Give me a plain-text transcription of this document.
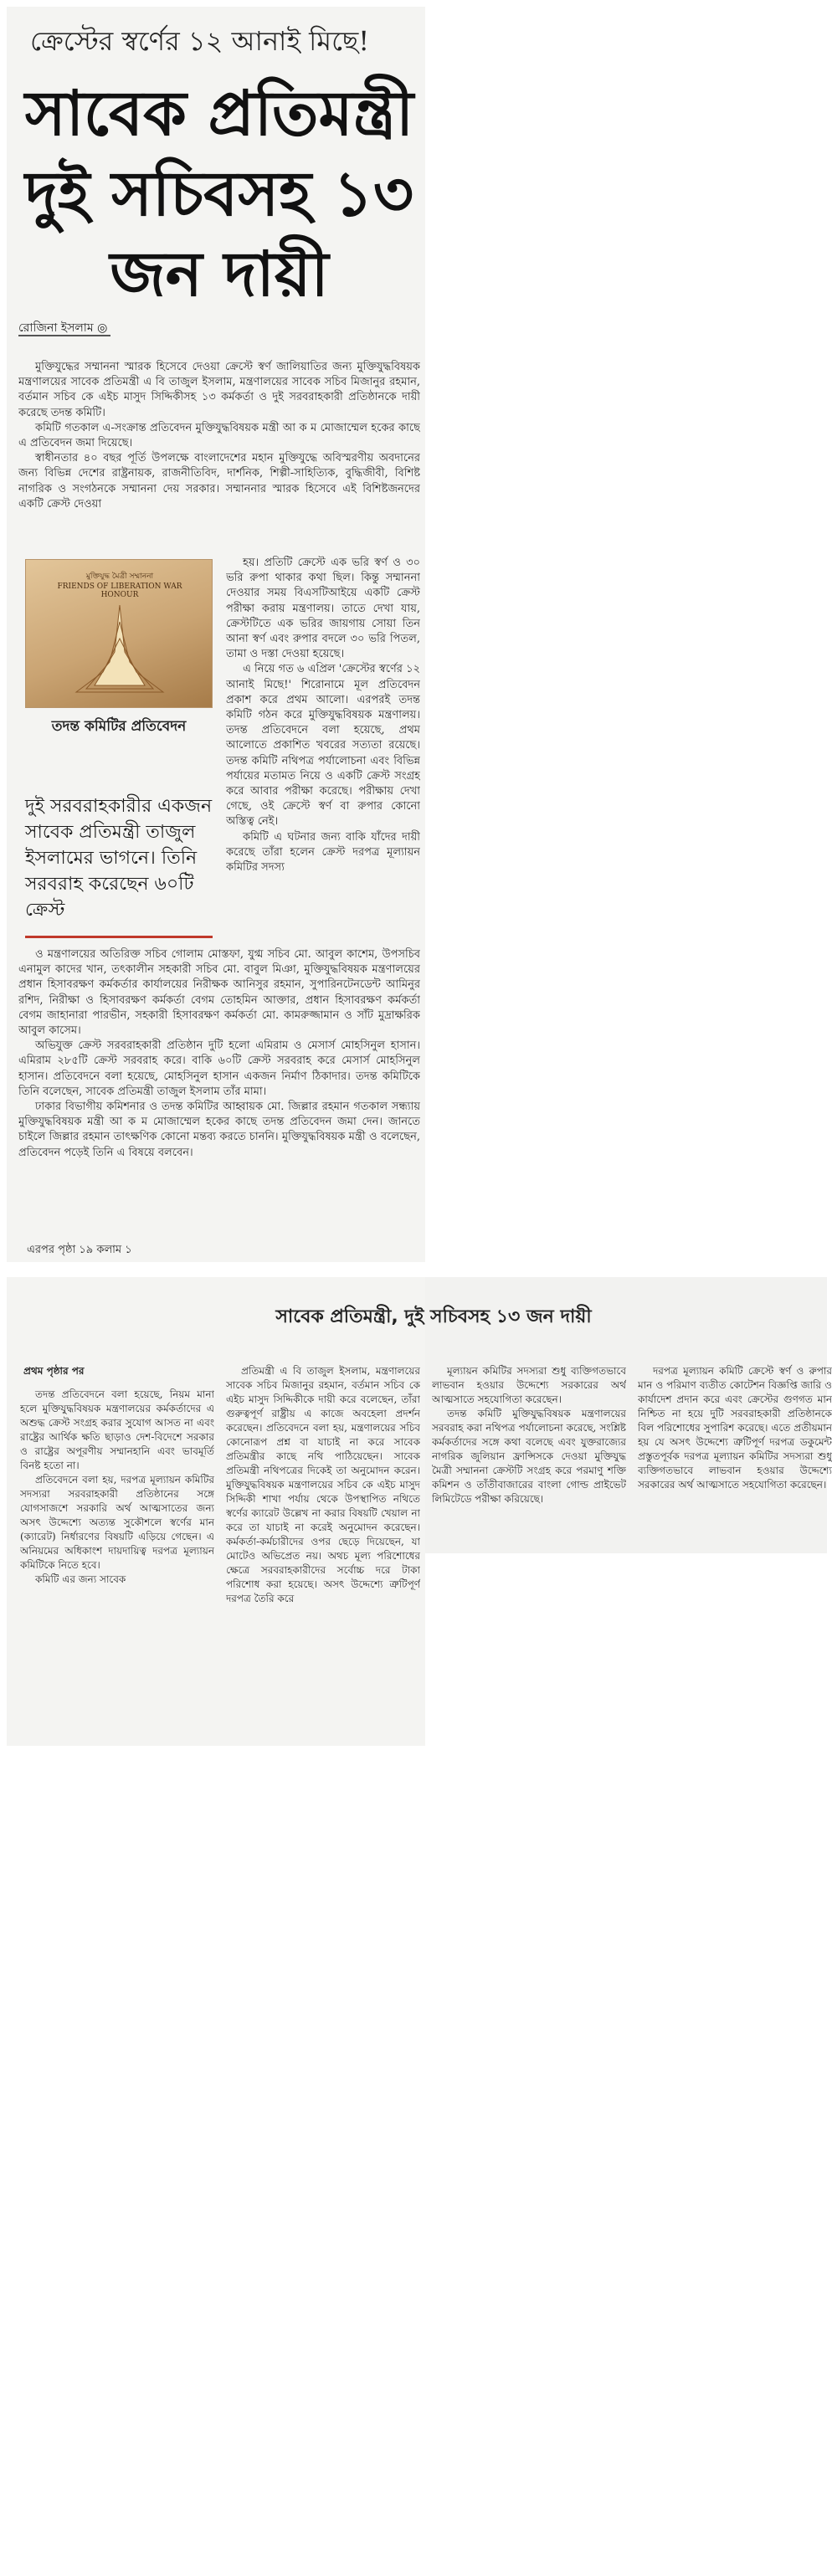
ক্রেস্টের স্বর্ণের ১২ আনাই মিছে!
সাবেক প্রতিমন্ত্রী দুই সচিবসহ ১৩ জন দায়ী
রোজিনা ইসলাম ◎

মুক্তিযুদ্ধের সম্মাননা স্মারক হিসেবে দেওয়া ক্রেস্টে স্বর্ণ জালিয়াতির জন্য মুক্তিযুদ্ধবিষয়ক মন্ত্রণালয়ের সাবেক প্রতিমন্ত্রী এ বি তাজুল ইসলাম, মন্ত্রণালয়ের সাবেক সচিব মিজানুর রহমান, বর্তমান সচিব কে এইচ মাসুদ সিদ্দিকীসহ ১৩ কর্মকর্তা ও দুই সরবরাহকারী প্রতিষ্ঠানকে দায়ী করেছে তদন্ত কমিটি।

কমিটি গতকাল এ-সংক্রান্ত প্রতিবেদন মুক্তিযুদ্ধবিষয়ক মন্ত্রী আ ক ম মোজাম্মেল হকের কাছে এ প্রতিবেদন জমা দিয়েছে।

স্বাধীনতার ৪০ বছর পূর্তি উপলক্ষে বাংলাদেশের মহান মুক্তিযুদ্ধে অবিস্মরণীয় অবদানের জন্য বিভিন্ন দেশের রাষ্ট্রনায়ক, রাজনীতিবিদ, দার্শনিক, শিল্পী-সাহিত্যিক, বুদ্ধিজীবী, বিশিষ্ট নাগরিক ও সংগঠনকে সম্মাননা দেয় সরকার। সম্মাননার স্মারক হিসেবে এই বিশিষ্টজনদের একটি ক্রেস্ট দেওয়া

মুক্তিযুদ্ধ মৈত্রী সম্মাননা
FRIENDS OF LIBERATION WAR HONOUR
তদন্ত কমিটির প্রতিবেদন
দুই সরবরাহকারীর একজন সাবেক প্রতিমন্ত্রী তাজুল ইসলামের ভাগনে। তিনি সরবরাহ করেছেন ৬০টি ক্রেস্ট

হয়। প্রতিটি ক্রেস্টে এক ভরি স্বর্ণ ও ৩০ ভরি রুপা থাকার কথা ছিল। কিন্তু সম্মাননা দেওয়ার সময় বিএসটিআইয়ে একটি ক্রেস্ট পরীক্ষা করায় মন্ত্রণালয়। তাতে দেখা যায়, ক্রেস্টটিতে এক ভরির জায়গায় সোয়া তিন আনা স্বর্ণ এবং রুপার বদলে ৩০ ভরি পিতল, তামা ও দস্তা দেওয়া হয়েছে।

এ নিয়ে গত ৬ এপ্রিল 'ক্রেস্টের স্বর্ণের ১২ আনাই মিছে!' শিরোনামে মূল প্রতিবেদন প্রকাশ করে প্রথম আলো। এরপরই তদন্ত কমিটি গঠন করে মুক্তিযুদ্ধবিষয়ক মন্ত্রণালয়। তদন্ত প্রতিবেদনে বলা হয়েছে, প্রথম আলোতে প্রকাশিত খবরের সত্যতা রয়েছে। তদন্ত কমিটি নথিপত্র পর্যালোচনা এবং বিভিন্ন পর্যায়ের মতামত নিয়ে ও একটি ক্রেস্ট সংগ্রহ করে আবার পরীক্ষা করেছে। পরীক্ষায় দেখা গেছে, ওই ক্রেস্টে স্বর্ণ বা রুপার কোনো অস্তিত্ব নেই।

কমিটি এ ঘটনার জন্য বাকি যাঁদের দায়ী করেছে তাঁরা হলেন ক্রেস্ট দরপত্র মূল্যায়ন কমিটির সদস্য

ও মন্ত্রণালয়ের অতিরিক্ত সচিব গোলাম মোস্তফা, যুগ্ম সচিব মো. আবুল কাশেম, উপসচিব এনামুল কাদের খান, তৎকালীন সহকারী সচিব মো. বাবুল মিঞা, মুক্তিযুদ্ধবিষয়ক মন্ত্রণালয়ের প্রধান হিসাবরক্ষণ কর্মকর্তার কার্যালয়ের নিরীক্ষক আনিসুর রহমান, সুপারিনটেনডেন্ট আমিনুর রশিদ, নিরীক্ষা ও হিসাবরক্ষণ কর্মকর্তা বেগম তোহমিন আক্তার, প্রধান হিসাবরক্ষণ কর্মকর্তা বেগম জাহানারা পারভীন, সহকারী হিসাবরক্ষণ কর্মকর্তা মো. কামরুজ্জামান ও সাঁট মুদ্রাক্ষরিক আবুল কাসেম।

অভিযুক্ত ক্রেস্ট সরবরাহকারী প্রতিষ্ঠান দুটি হলো এমিরাম ও মেসার্স মোহসিনুল হাসান। এমিরাম ২৮৫টি ক্রেস্ট সরবরাহ করে। বাকি ৬০টি ক্রেস্ট সরবরাহ করে মেসার্স মোহসিনুল হাসান। প্রতিবেদনে বলা হয়েছে, মোহসিনুল হাসান একজন নির্মাণ ঠিকাদার। তদন্ত কমিটিকে তিনি বলেছেন, সাবেক প্রতিমন্ত্রী তাজুল ইসলাম তাঁর মামা।

ঢাকার বিভাগীয় কমিশনার ও তদন্ত কমিটির আহ্বায়ক মো. জিল্লার রহমান গতকাল সন্ধ্যায় মুক্তিযুদ্ধবিষয়ক মন্ত্রী আ ক ম মোজাম্মেল হকের কাছে তদন্ত প্রতিবেদন জমা দেন। জানতে চাইলে জিল্লার রহমান তাৎক্ষণিক কোনো মন্তব্য করতে চাননি। মুক্তিযুদ্ধবিষয়ক মন্ত্রী ও বলেছেন, প্রতিবেদন পড়েই তিনি এ বিষয়ে বলবেন।

এরপর পৃষ্ঠা ১৯ কলাম ১
সাবেক প্রতিমন্ত্রী, দুই সচিবসহ ১৩ জন দায়ী
প্রথম পৃষ্ঠার পর

তদন্ত প্রতিবেদনে বলা হয়েছে, নিয়ম মানা হলে মুক্তিযুদ্ধবিষয়ক মন্ত্রণালয়ের কর্মকর্তাদের এ অশুদ্ধ ক্রেস্ট সংগ্রহ করার সুযোগ আসত না এবং রাষ্ট্রের আর্থিক ক্ষতি ছাড়াও দেশ-বিদেশে সরকার ও রাষ্ট্রের অপূরণীয় সম্মানহানি এবং ভাবমূর্তি বিনষ্ট হতো না।

প্রতিবেদনে বলা হয়, দরপত্র মূল্যায়ন কমিটির সদস্যরা সরবরাহকারী প্রতিষ্ঠানের সঙ্গে যোগসাজশে সরকারি অর্থ আত্মসাতের জন্য অসৎ উদ্দেশ্যে অত্যন্ত সুকৌশলে স্বর্ণের মান (ক্যারেট) নির্ধারণের বিষয়টি এড়িয়ে গেছেন। এ অনিয়মের অধিকাংশ দায়দায়িত্ব দরপত্র মূল্যায়ন কমিটিকে নিতে হবে।

কমিটি এর জন্য সাবেক

প্রতিমন্ত্রী এ বি তাজুল ইসলাম, মন্ত্রণালয়ের সাবেক সচিব মিজানুর রহমান, বর্তমান সচিব কে এইচ মাসুদ সিদ্দিকীকে দায়ী করে বলেছেন, তাঁরা গুরুত্বপূর্ণ রাষ্ট্রীয় এ কাজে অবহেলা প্রদর্শন করেছেন। প্রতিবেদনে বলা হয়, মন্ত্রণালয়ের সচিব কোনোরূপ প্রশ্ন বা যাচাই না করে সাবেক প্রতিমন্ত্রীর কাছে নথি পাঠিয়েছেন। সাবেক প্রতিমন্ত্রী নথিপত্রের দিকেই তা অনুমোদন করেন। মুক্তিযুদ্ধবিষয়ক মন্ত্রণালয়ের সচিব কে এইচ মাসুদ সিদ্দিকী শাখা পর্যায় থেকে উপস্থাপিত নথিতে স্বর্ণের ক্যারেট উল্লেখ না করার বিষয়টি খেয়াল না করে তা যাচাই না করেই অনুমোদন করেছেন। কর্মকর্তা-কর্মচারীদের ওপর ছেড়ে দিয়েছেন, যা মোটেও অভিপ্রেত নয়। অথচ মূল্য পরিশোধের ক্ষেত্রে সরবরাহকারীদের সর্বোচ্চ দরে টাকা পরিশোধ করা হয়েছে। অসৎ উদ্দেশ্যে ত্রুটিপূর্ণ দরপত্র তৈরি করে

মূল্যায়ন কমিটির সদস্যরা শুধু ব্যক্তিগতভাবে লাভবান হওয়ার উদ্দেশ্যে সরকারের অর্থ আত্মসাতে সহযোগিতা করেছেন।

তদন্ত কমিটি মুক্তিযুদ্ধবিষয়ক মন্ত্রণালয়ের সরবরাহ করা নথিপত্র পর্যালোচনা করেছে, সংশ্লিষ্ট কর্মকর্তাদের সঙ্গে কথা বলেছে এবং যুক্তরাজ্যের নাগরিক জুলিয়ান ফ্রান্সিসকে দেওয়া মুক্তিযুদ্ধ মৈত্রী সম্মাননা ক্রেস্টটি সংগ্রহ করে পরমাণু শক্তি কমিশন ও তাঁতীবাজারের বাংলা গোল্ড প্রাইভেট লিমিটেডে পরীক্ষা করিয়েছে।

দরপত্র মূল্যায়ন কমিটি ক্রেস্টে স্বর্ণ ও রুপার মান ও পরিমাণ ব্যতীত কোটেশন বিজ্ঞপ্তি জারি ও কার্যাদেশ প্রদান করে এবং ক্রেস্টের গুণগত মান নিশ্চিত না হয়ে দুটি সরবরাহকারী প্রতিষ্ঠানকে বিল পরিশোধের সুপারিশ করেছে। এতে প্রতীয়মান হয় যে অসৎ উদ্দেশ্যে ত্রুটিপূর্ণ দরপত্র ডকুমেন্ট প্রস্তুতপূর্বক দরপত্র মূল্যায়ন কমিটির সদস্যরা শুধু ব্যক্তিগতভাবে লাভবান হওয়ার উদ্দেশ্যে সরকারের অর্থ আত্মসাতে সহযোগিতা করেছেন।
